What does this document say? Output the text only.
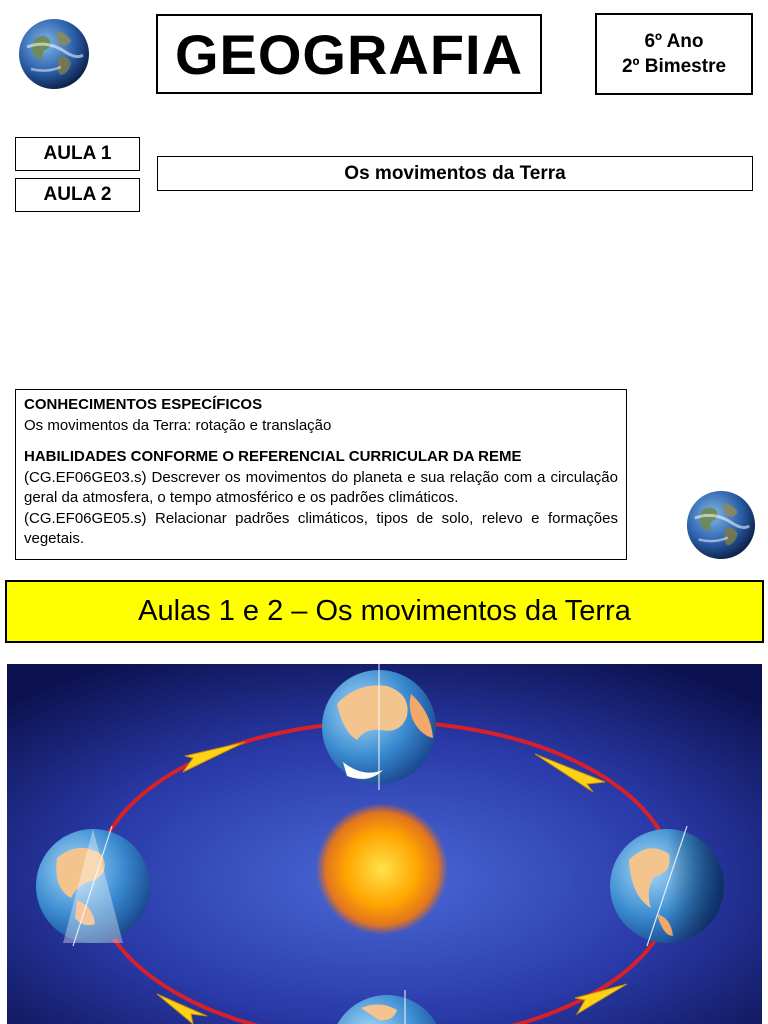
GEOGRAFIA	6º Ano
2º Bimestre
AULA 1
AULA 2
Os movimentos da Terra
CONHECIMENTOS ESPECÍFICOS
Os movimentos da Terra: rotação e translação
HABILIDADES CONFORME O REFERENCIAL CURRICULAR DA REME
(CG.EF06GE03.s) Descrever os movimentos do planeta e sua relação com a circulação geral da atmosfera, o tempo atmosférico e os padrões climáticos.
(CG.EF06GE05.s) Relacionar padrões climáticos, tipos de solo, relevo e formações vegetais.
Aulas 1 e 2 – Os movimentos da Terra
